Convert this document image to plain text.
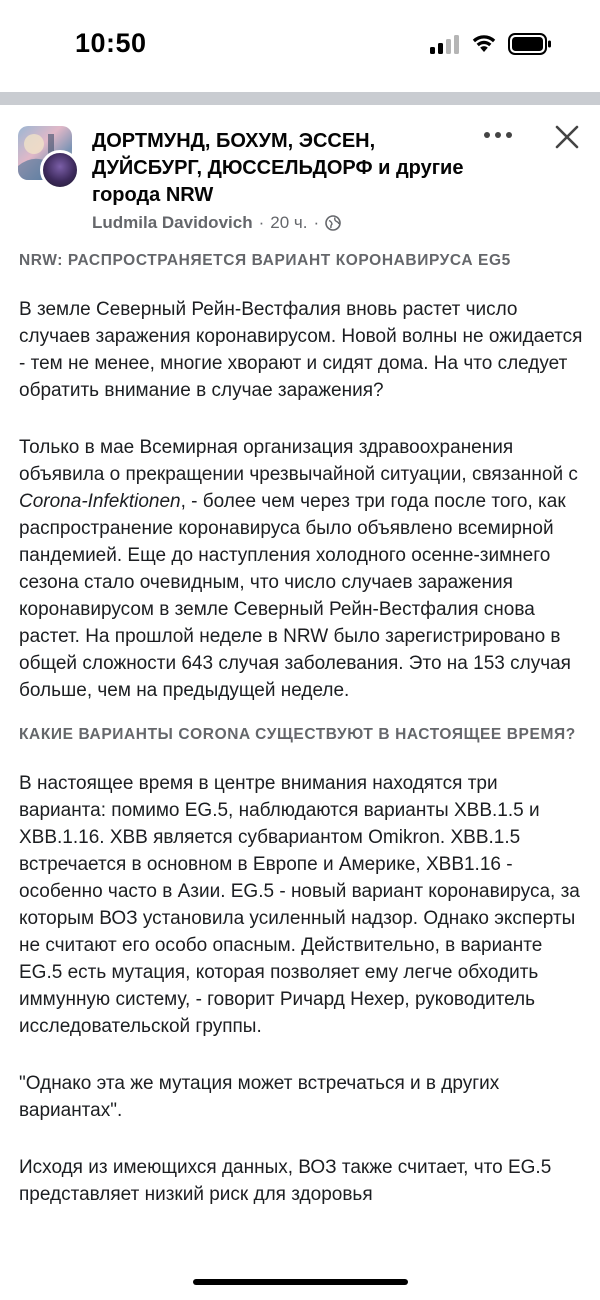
10:50
ДОРТМУНД, БОХУМ, ЭССЕН, ДУЙСБУРГ, ДЮССЕЛЬДОРФ и другие города NRW
Ludmila Davidovich · 20 ч. ·

NRW: РАСПРОСТРАНЯЕТСЯ ВАРИАНТ КОРОНАВИРУСА EG5

В земле Северный Рейн-Вестфалия вновь растет число случаев заражения коронавирусом. Новой волны не ожидается - тем не менее, многие хворают и сидят дома. На что следует обратить внимание в случае заражения?

Только в мае Всемирная организация здравоохранения объявила о прекращении чрезвычайной ситуации, связанной с Corona-Infektionen, - более чем через три года после того, как распространение коронавируса было объявлено всемирной пандемией. Еще до наступления холодного осенне-зимнего сезона стало очевидным, что число случаев заражения коронавирусом в земле Северный Рейн-Вестфалия снова растет. На прошлой неделе в NRW было зарегистрировано в общей сложности 643 случая заболевания. Это на 153 случая больше, чем на предыдущей неделе.

КАКИЕ ВАРИАНТЫ CORONA СУЩЕСТВУЮТ В НАСТОЯЩЕЕ ВРЕМЯ?

В настоящее время в центре внимания находятся три варианта: помимо EG.5, наблюдаются варианты XBB.1.5 и XBB.1.16. XBB является субвариантом Omikron. XBB.1.5 встречается в основном в Европе и Америке, XBB1.16 - особенно часто в Азии. EG.5 - новый вариант коронавируса, за которым ВОЗ установила усиленный надзор. Однако эксперты не считают его особо опасным. Действительно, в варианте EG.5 есть мутация, которая позволяет ему легче обходить иммунную систему, - говорит Ричард Нехер, руководитель исследовательской группы.

"Однако эта же мутация может встречаться и в других вариантах".

Исходя из имеющихся данных, ВОЗ также считает, что EG.5 представляет низкий риск для здоровья
